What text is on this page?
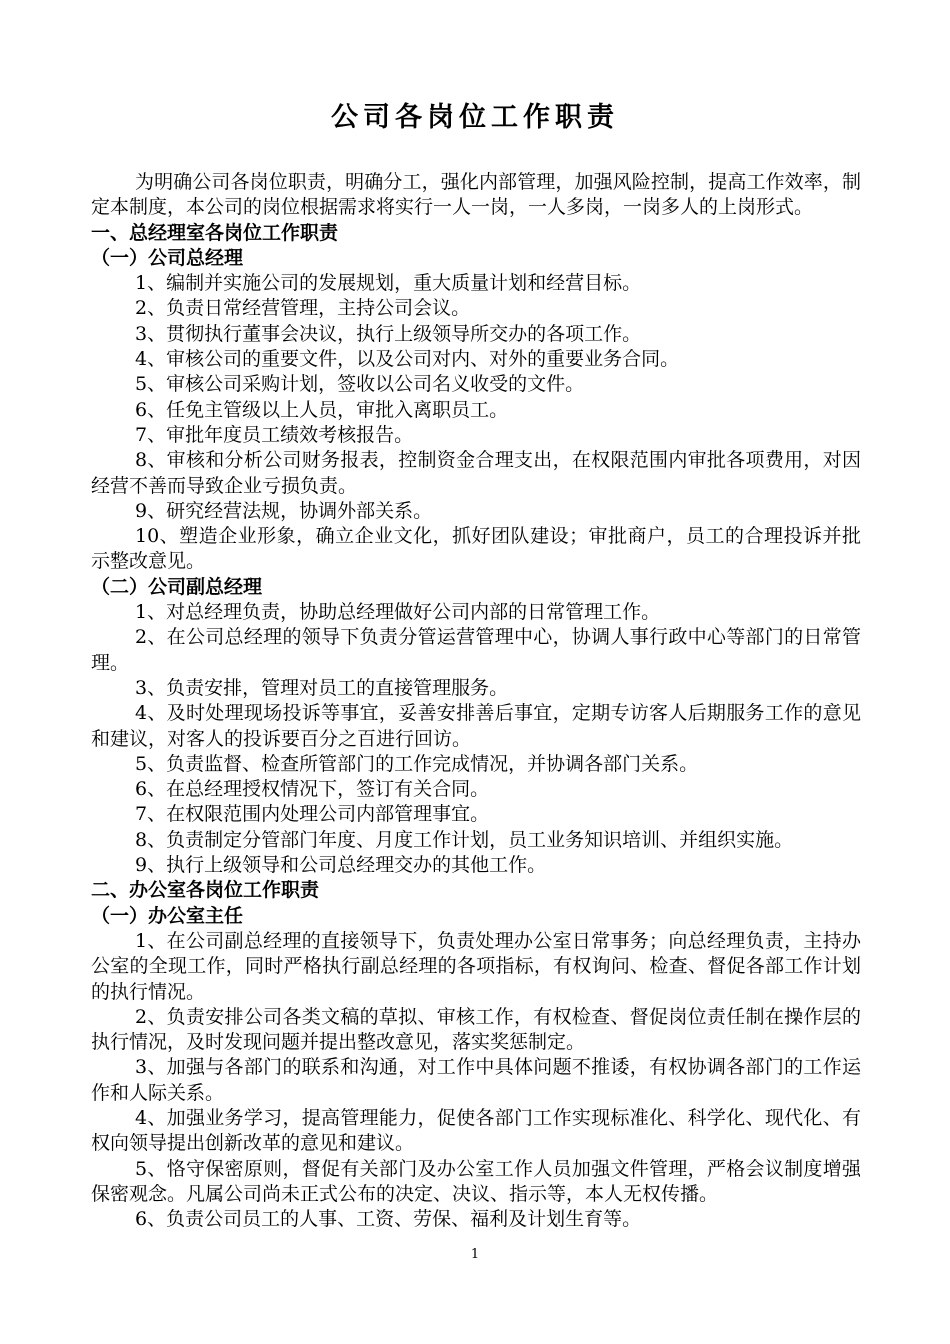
公司各岗位工作职责

为明确公司各岗位职责，明确分工，强化内部管理，加强风险控制，提高工作效率，制定本制度，本公司的岗位根据需求将实行一人一岗，一人多岗，一岗多人的上岗形式。

一、总经理室各岗位工作职责
（一）公司总经理

1、编制并实施公司的发展规划，重大质量计划和经营目标。

2、负责日常经营管理，主持公司会议。

3、贯彻执行董事会决议，执行上级领导所交办的各项工作。

4、审核公司的重要文件，以及公司对内、对外的重要业务合同。

5、审核公司采购计划，签收以公司名义收受的文件。

6、任免主管级以上人员，审批入离职员工。

7、审批年度员工绩效考核报告。

8、审核和分析公司财务报表，控制资金合理支出，在权限范围内审批各项费用，对因经营不善而导致企业亏损负责。

9、研究经营法规，协调外部关系。

10、塑造企业形象，确立企业文化，抓好团队建设；审批商户，员工的合理投诉并批示整改意见。

（二）公司副总经理

1、对总经理负责，协助总经理做好公司内部的日常管理工作。

2、在公司总经理的领导下负责分管运营管理中心，协调人事行政中心等部门的日常管理。

3、负责安排，管理对员工的直接管理服务。

4、及时处理现场投诉等事宜，妥善安排善后事宜，定期专访客人后期服务工作的意见和建议，对客人的投诉要百分之百进行回访。

5、负责监督、检查所管部门的工作完成情况，并协调各部门关系。

6、在总经理授权情况下，签订有关合同。

7、在权限范围内处理公司内部管理事宜。

8、负责制定分管部门年度、月度工作计划，员工业务知识培训、并组织实施。

9、执行上级领导和公司总经理交办的其他工作。

二、办公室各岗位工作职责
（一）办公室主任

1、在公司副总经理的直接领导下，负责处理办公室日常事务；向总经理负责，主持办公室的全现工作，同时严格执行副总经理的各项指标，有权询问、检查、督促各部工作计划的执行情况。

2、负责安排公司各类文稿的草拟、审核工作，有权检查、督促岗位责任制在操作层的执行情况，及时发现问题并提出整改意见，落实奖惩制定。

3、加强与各部门的联系和沟通，对工作中具体问题不推诿，有权协调各部门的工作运作和人际关系。

4、加强业务学习，提高管理能力，促使各部门工作实现标准化、科学化、现代化、有权向领导提出创新改革的意见和建议。

5、恪守保密原则，督促有关部门及办公室工作人员加强文件管理，严格会议制度增强保密观念。凡属公司尚未正式公布的决定、决议、指示等，本人无权传播。

6、负责公司员工的人事、工资、劳保、福利及计划生育等。

1
